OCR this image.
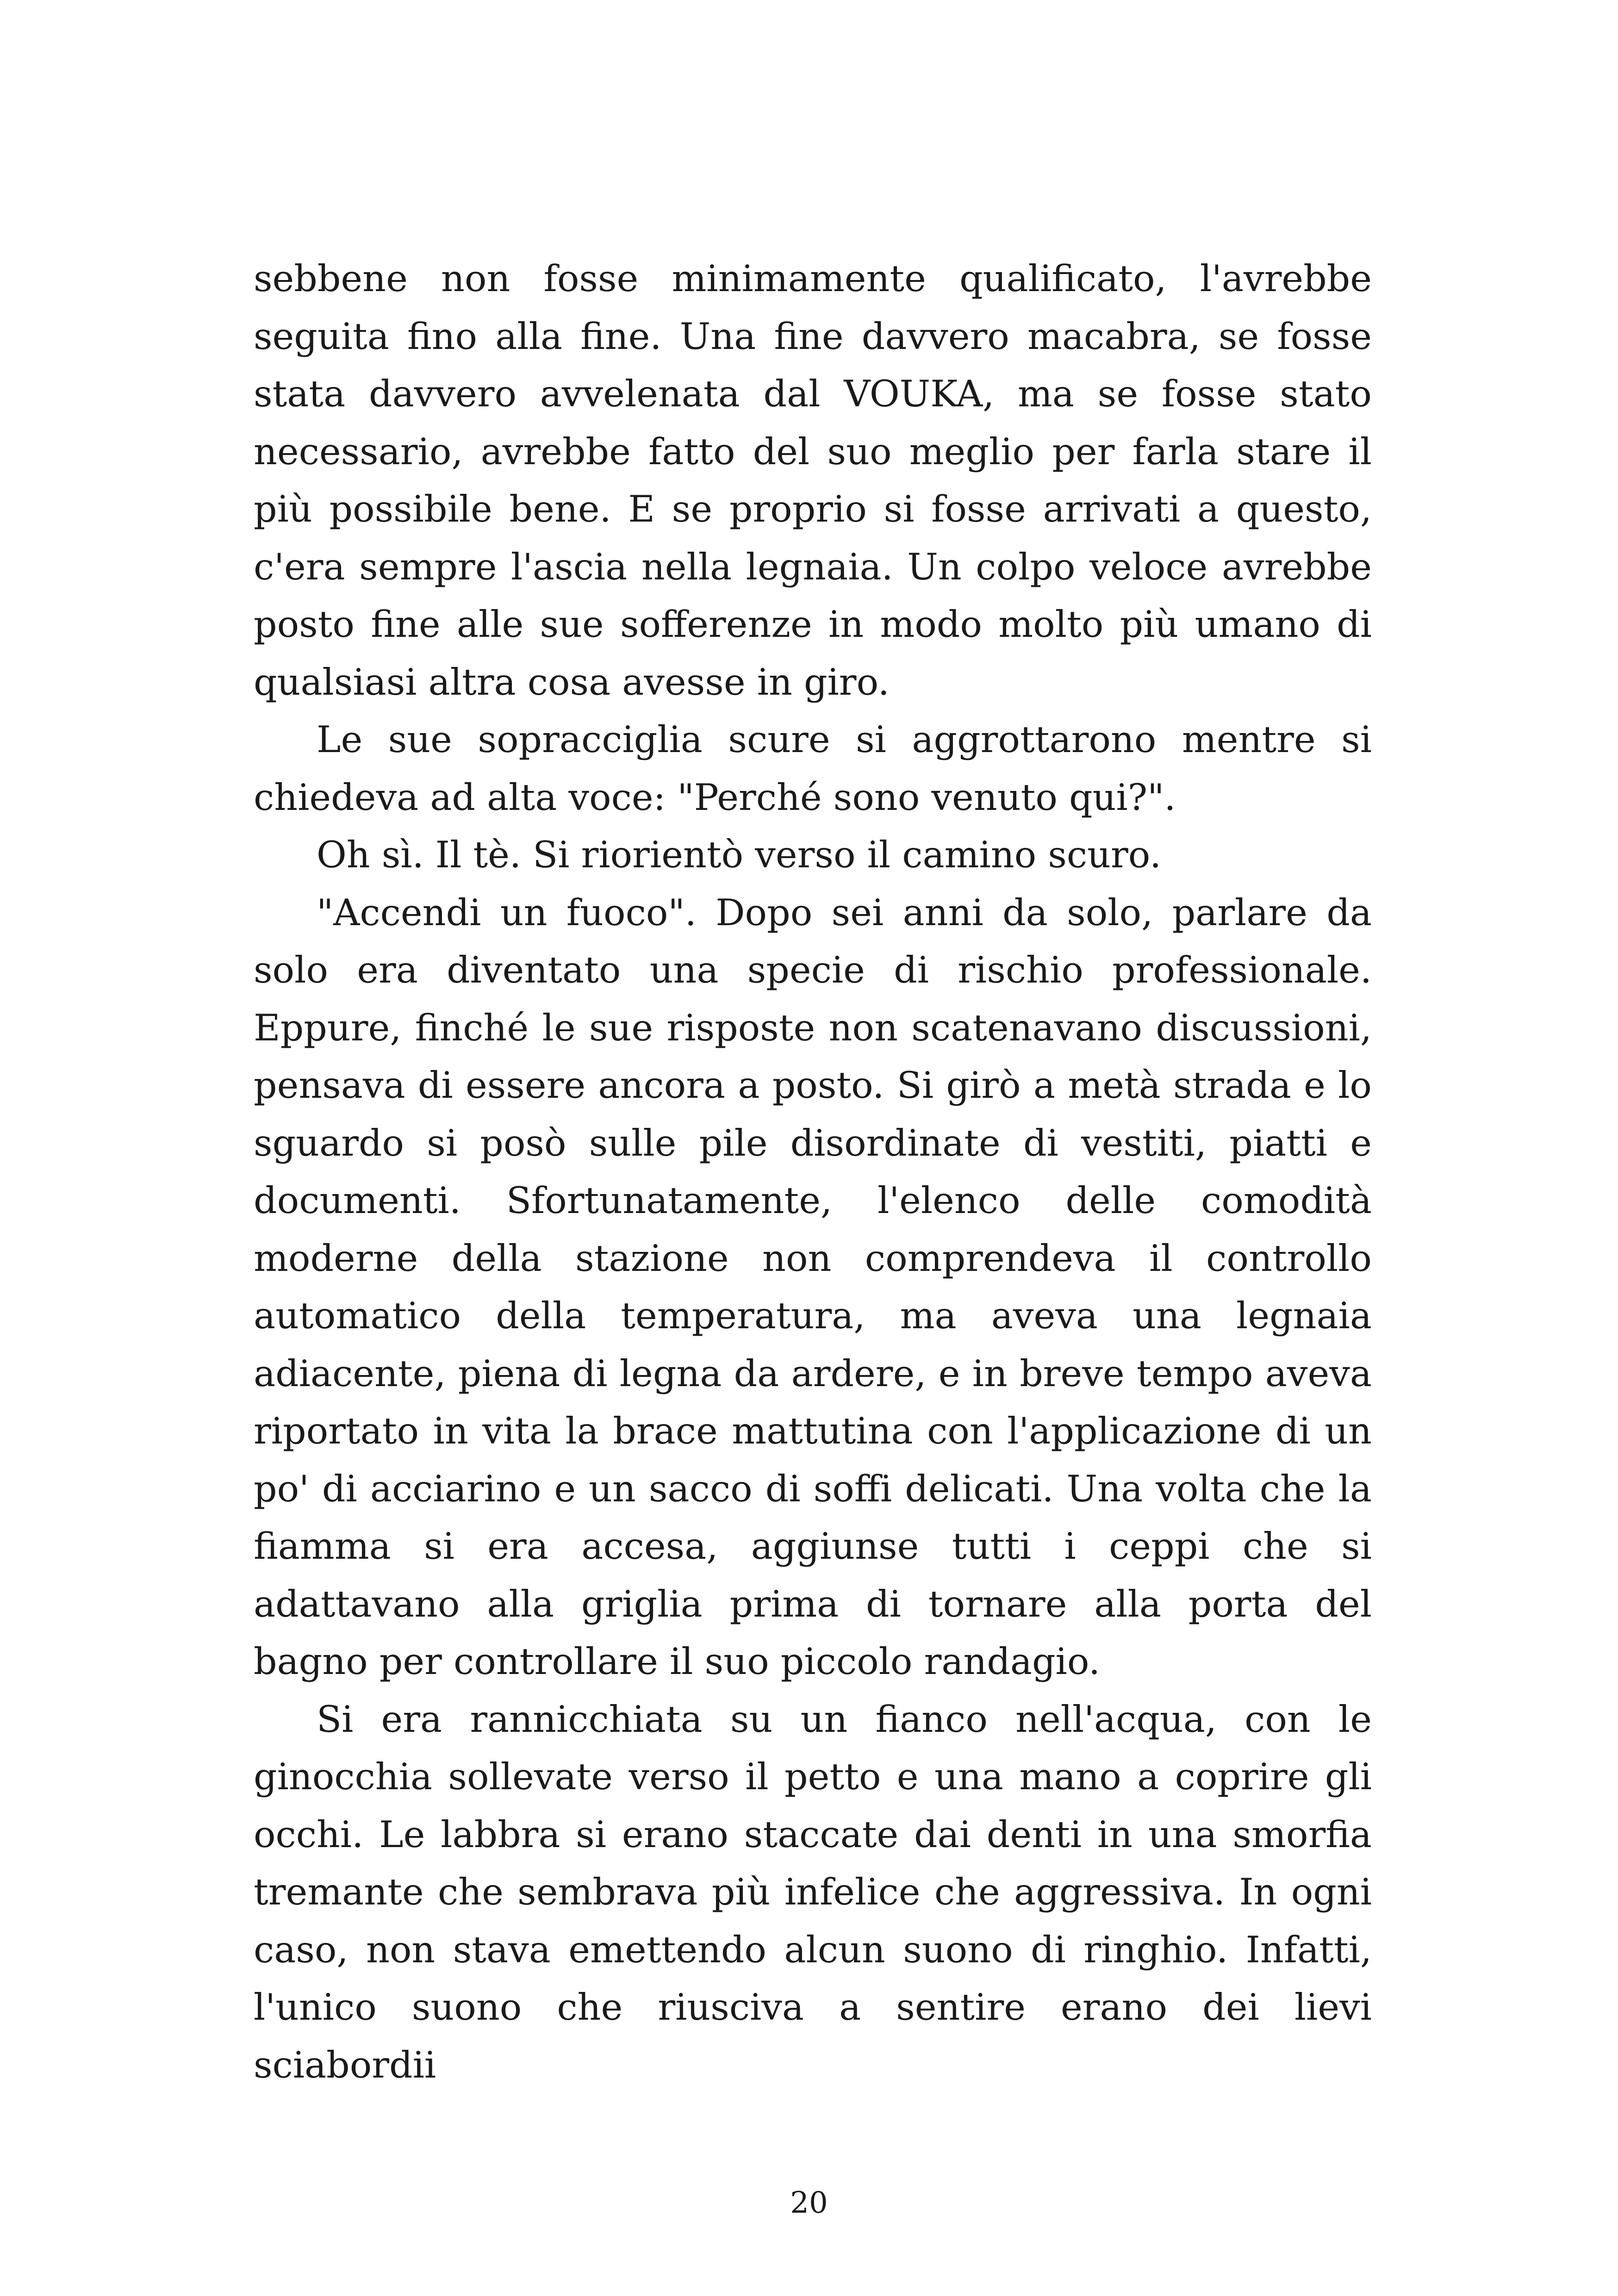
sebbene non fosse minimamente qualificato, l'avrebbe seguita fino alla fine. Una fine davvero macabra, se fosse stata davvero avvelenata dal VOUKA, ma se fosse stato necessario, avrebbe fatto del suo meglio per farla stare il più possibile bene. E se proprio si fosse arrivati a questo, c'era sempre l'ascia nella legnaia. Un colpo veloce avrebbe posto fine alle sue sofferenze in modo molto più umano di qualsiasi altra cosa avesse in giro.

Le sue sopracciglia scure si aggrottarono mentre si chiedeva ad alta voce: "Perché sono venuto qui?".

Oh sì. Il tè. Si riorientò verso il camino scuro.

"Accendi un fuoco". Dopo sei anni da solo, parlare da solo era diventato una specie di rischio professionale. Eppure, finché le sue risposte non scatenavano discussioni, pensava di essere ancora a posto. Si girò a metà strada e lo sguardo si posò sulle pile disordinate di vestiti, piatti e documenti. Sfortunatamente, l'elenco delle comodità moderne della stazione non comprendeva il controllo automatico della temperatura, ma aveva una legnaia adiacente, piena di legna da ardere, e in breve tempo aveva riportato in vita la brace mattutina con l'applicazione di un po' di acciarino e un sacco di soffi delicati. Una volta che la fiamma si era accesa, aggiunse tutti i ceppi che si adattavano alla griglia prima di tornare alla porta del bagno per controllare il suo piccolo randagio.

Si era rannicchiata su un fianco nell'acqua, con le ginocchia sollevate verso il petto e una mano a coprire gli occhi. Le labbra si erano staccate dai denti in una smorfia tremante che sembrava più infelice che aggressiva. In ogni caso, non stava emettendo alcun suono di ringhio. Infatti, l'unico suono che riusciva a sentire erano dei lievi sciabordii

20
